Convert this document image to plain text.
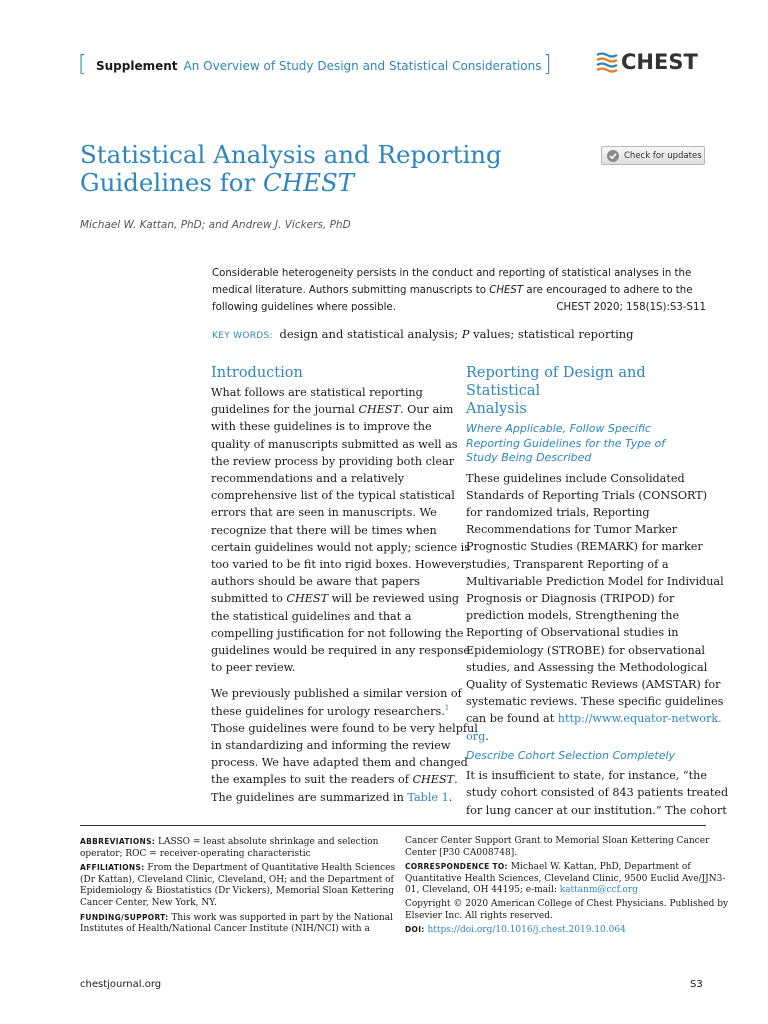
[ Supplement An Overview of Study Design and Statistical Considerations ]	CHEST
Statistical Analysis and Reporting
Guidelines for CHEST
Check for updates
Michael W. Kattan, PhD; and Andrew J. Vickers, PhD
Considerable heterogeneity persists in the conduct and reporting of statistical analyses in the
medical literature. Authors submitting manuscripts to CHEST are encouraged to adhere to the
following guidelines where possible.	CHEST 2020; 158(1S):S3-S11
KEY WORDS: design and statistical analysis; P values; statistical reporting
Introduction
What follows are statistical reporting
guidelines for the journal CHEST. Our aim
with these guidelines is to improve the
quality of manuscripts submitted as well as
the review process by providing both clear
recommendations and a relatively
comprehensive list of the typical statistical
errors that are seen in manuscripts. We
recognize that there will be times when
certain guidelines would not apply; science is
too varied to be fit into rigid boxes. However,
authors should be aware that papers
submitted to CHEST will be reviewed using
the statistical guidelines and that a
compelling justification for not following the
guidelines would be required in any response
to peer review.
We previously published a similar version of
these guidelines for urology researchers.$^1$
Those guidelines were found to be very helpful
in standardizing and informing the review
process. We have adapted them and changed
the examples to suit the readers of CHEST.
The guidelines are summarized in Table 1.
Reporting of Design and Statistical
Analysis
Where Applicable, Follow Specific
Reporting Guidelines for the Type of
Study Being Described
These guidelines include Consolidated
Standards of Reporting Trials (CONSORT)
for randomized trials, Reporting
Recommendations for Tumor Marker
Prognostic Studies (REMARK) for marker
studies, Transparent Reporting of a
Multivariable Prediction Model for Individual
Prognosis or Diagnosis (TRIPOD) for
prediction models, Strengthening the
Reporting of Observational studies in
Epidemiology (STROBE) for observational
studies, and Assessing the Methodological
Quality of Systematic Reviews (AMSTAR) for
systematic reviews. These specific guidelines
can be found at http://www.equator-network.
org.
Describe Cohort Selection Completely
It is insufficient to state, for instance, “the
study cohort consisted of 843 patients treated
for lung cancer at our institution.” The cohort
ABBREVIATIONS: LASSO = least absolute shrinkage and selection
operator; ROC = receiver-operating characteristic
AFFILIATIONS: From the Department of Quantitative Health Sciences
(Dr Kattan), Cleveland Clinic, Cleveland, OH; and the Department of
Epidemiology & Biostatistics (Dr Vickers), Memorial Sloan Kettering
Cancer Center, New York, NY.
FUNDING/SUPPORT: This work was supported in part by the National
Institutes of Health/National Cancer Institute (NIH/NCI) with a
Cancer Center Support Grant to Memorial Sloan Kettering Cancer
Center [P30 CA008748].
CORRESPONDENCE TO: Michael W. Kattan, PhD, Department of
Quantitative Health Sciences, Cleveland Clinic, 9500 Euclid Ave/JJN3-
01, Cleveland, OH 44195; e-mail: kattanm@ccf.org
Copyright © 2020 American College of Chest Physicians. Published by
Elsevier Inc. All rights reserved.
DOI: https://doi.org/10.1016/j.chest.2019.10.064
chestjournal.org	S3
